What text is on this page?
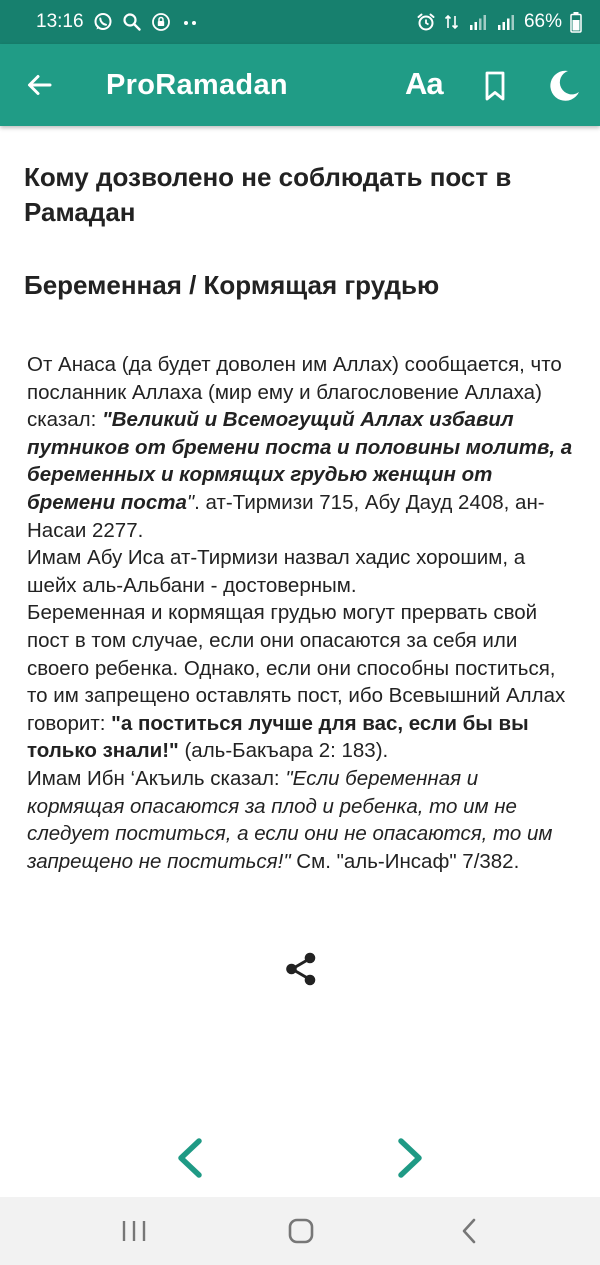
13:16	66%
ProRamadan	Aa
Кому дозволено не соблюдать пост в Рамадан
Беременная / Кормящая грудью

От Анаса (да будет доволен им Аллах) сообщается, что посланник Аллаха (мир ему и благословение Аллаха) сказал: "Великий и Всемогущий Аллах избавил путников от бремени поста и половины молитв, а беременных и кормящих грудью женщин от бремени поста". ат-Тирмизи 715, Абу Дауд 2408, ан-Насаи 2277.

Имам Абу Иса ат-Тирмизи назвал хадис хорошим, а шейх аль-Альбани - достоверным.

Беременная и кормящая грудью могут прервать свой пост в том случае, если они опасаются за себя или своего ребенка. Однако, если они способны поститься, то им запрещено оставлять пост, ибо Всевышний Аллах говорит: "а поститься лучше для вас, если бы вы только знали!" (аль-Бакъара 2: 183).

Имам Ибн ‘Акъиль сказал: "Если беременная и кормящая опасаются за плод и ребенка, то им не следует поститься, а если они не опасаются, то им запрещено не поститься!" См. "аль-Инсаф" 7/382.
